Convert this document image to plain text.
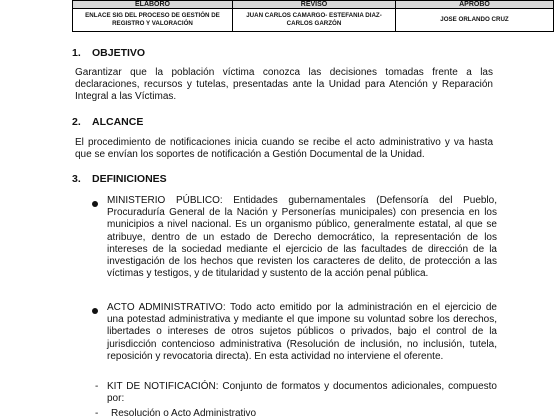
ELABORÓ	REVISÓ	APROBÓ
ENLACE SIG DEL PROCESO DE GESTIÓN DE REGISTRO Y VALORACIÓN	JUAN CARLOS CAMARGO- ESTEFANIA DIAZ- CARLOS GARZÓN	JOSE ORLANDO CRUZ
1. OBJETIVO
Garantizar que la población víctima conozca las decisiones tomadas frente a las declaraciones, recursos y tutelas, presentadas ante la Unidad para Atención y Reparación Integral a las Víctimas.
2. ALCANCE
El procedimiento de notificaciones inicia cuando se recibe el acto administrativo y va hasta que se envían los soportes de notificación a Gestión Documental de la Unidad.
3. DEFINICIONES
MINISTERIO PÚBLICO: Entidades gubernamentales (Defensoría del Pueblo, Procuraduría General de la Nación y Personerías municipales) con presencia en los municipios a nivel nacional. Es un organismo público, generalmente estatal, al que se atribuye, dentro de un estado de Derecho democrático, la representación de los intereses de la sociedad mediante el ejercicio de las facultades de dirección de la investigación de los hechos que revisten los caracteres de delito, de protección a las víctimas y testigos, y de titularidad y sustento de la acción penal pública.
ACTO ADMINISTRATIVO: Todo acto emitido por la administración en el ejercicio de una potestad administrativa y mediante el que impone su voluntad sobre los derechos, libertades o intereses de otros sujetos públicos o privados, bajo el control de la jurisdicción contencioso administrativa (Resolución de inclusión, no inclusión, tutela, reposición y revocatoria directa). En esta actividad no interviene el oferente.
- KIT DE NOTIFICACIÓN: Conjunto de formatos y documentos adicionales, compuesto por:
- Resolución o Acto Administrativo
